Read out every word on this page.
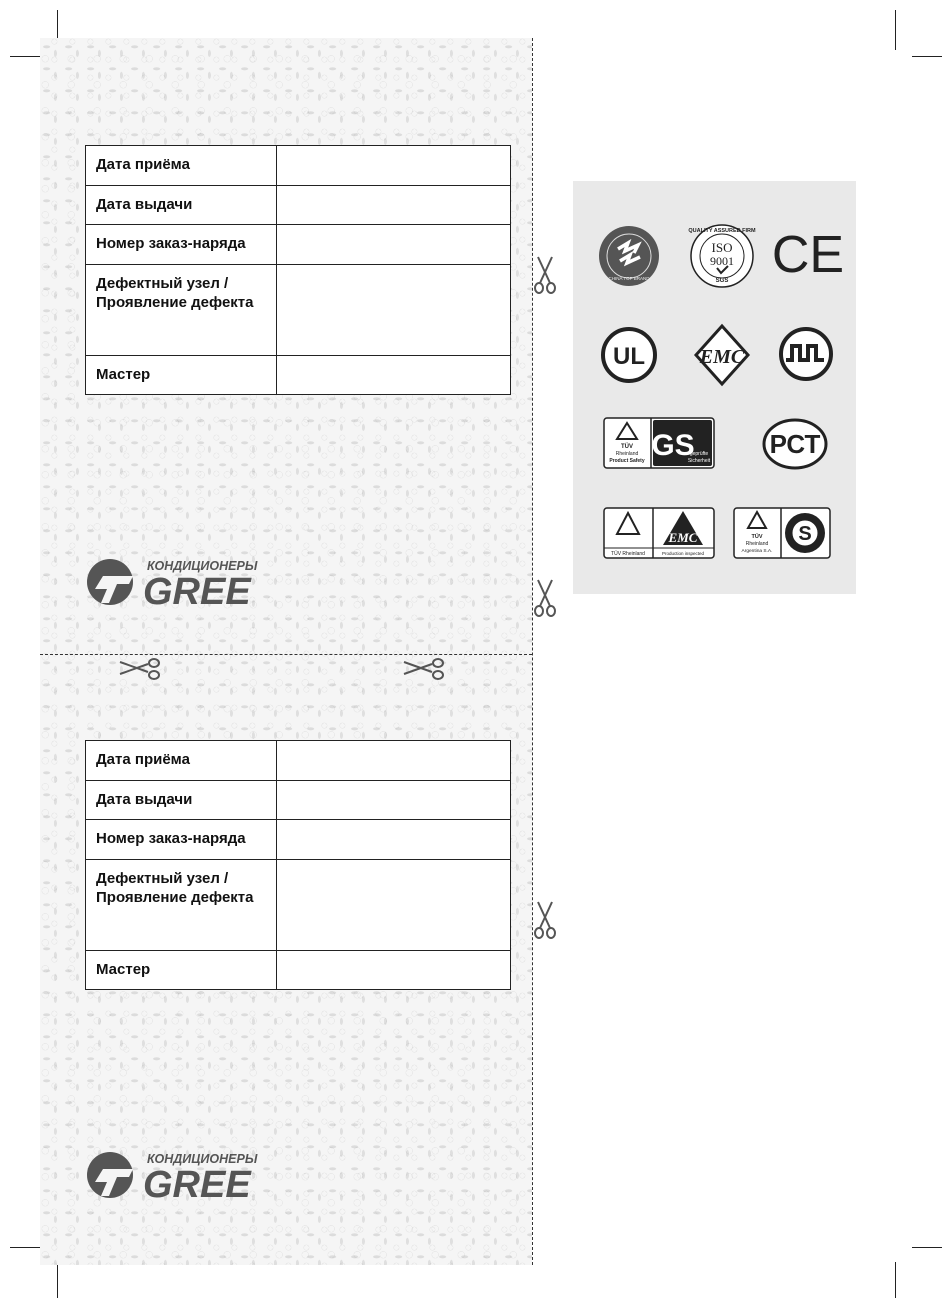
Дата приёма	
Дата выдачи	
Номер заказ-наряда	
Дефектный узел /
Проявление дефекта	
Мастер	
КОНДИЦИОНЕРЫ
GREE
Дата приёма	
Дата выдачи	
Номер заказ-наряда	
Дефектный узел /
Проявление дефекта	
Мастер	
КОНДИЦИОНЕРЫ
GREE
CHINA TOP BRAND
QUALITY ASSURED FIRM
ISO
9001
SGS CE
UL	EMC
TÜV
Rheinland
Product Safety GS
geprüfte
Sicherheit
РСТ
TÜV Rheinland
EMC
Production inspected
TÜV
Rheinland
Argentina S.A.
S
